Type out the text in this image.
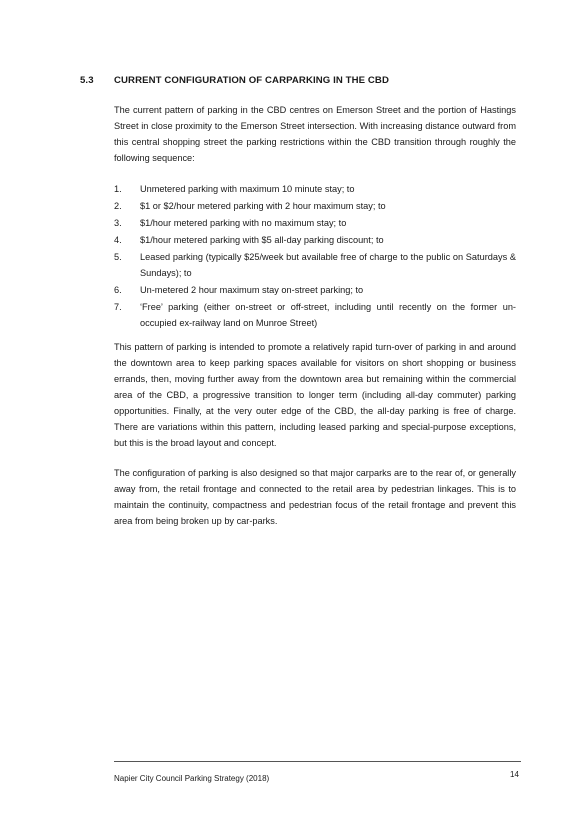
5.3 CURRENT CONFIGURATION OF CARPARKING IN THE CBD

The current pattern of parking in the CBD centres on Emerson Street and the portion of Hastings Street in close proximity to the Emerson Street intersection. With increasing distance outward from this central shopping street the parking restrictions within the CBD transition through roughly the following sequence:

1.	Unmetered parking with maximum 10 minute stay; to
2.	$1 or $2/hour metered parking with 2 hour maximum stay; to
3.	$1/hour metered parking with no maximum stay; to
4.	$1/hour metered parking with $5 all-day parking discount; to
5.	Leased parking (typically $25/week but available free of charge to the public on Saturdays & Sundays); to
6.	Un-metered 2 hour maximum stay on-street parking; to
7.	‘Free’ parking (either on-street or off-street, including until recently on the former un-occupied ex-railway land on Munroe Street)

This pattern of parking is intended to promote a relatively rapid turn-over of parking in and around the downtown area to keep parking spaces available for visitors on short shopping or business errands, then, moving further away from the downtown area but remaining within the commercial area of the CBD, a progressive transition to longer term (including all-day commuter) parking opportunities. Finally, at the very outer edge of the CBD, the all-day parking is free of charge. There are variations within this pattern, including leased parking and special-purpose exceptions, but this is the broad layout and concept.

The configuration of parking is also designed so that major carparks are to the rear of, or generally away from, the retail frontage and connected to the retail area by pedestrian linkages. This is to maintain the continuity, compactness and pedestrian focus of the retail frontage and prevent this area from being broken up by car-parks.

Napier City Council Parking Strategy (2018)	14
